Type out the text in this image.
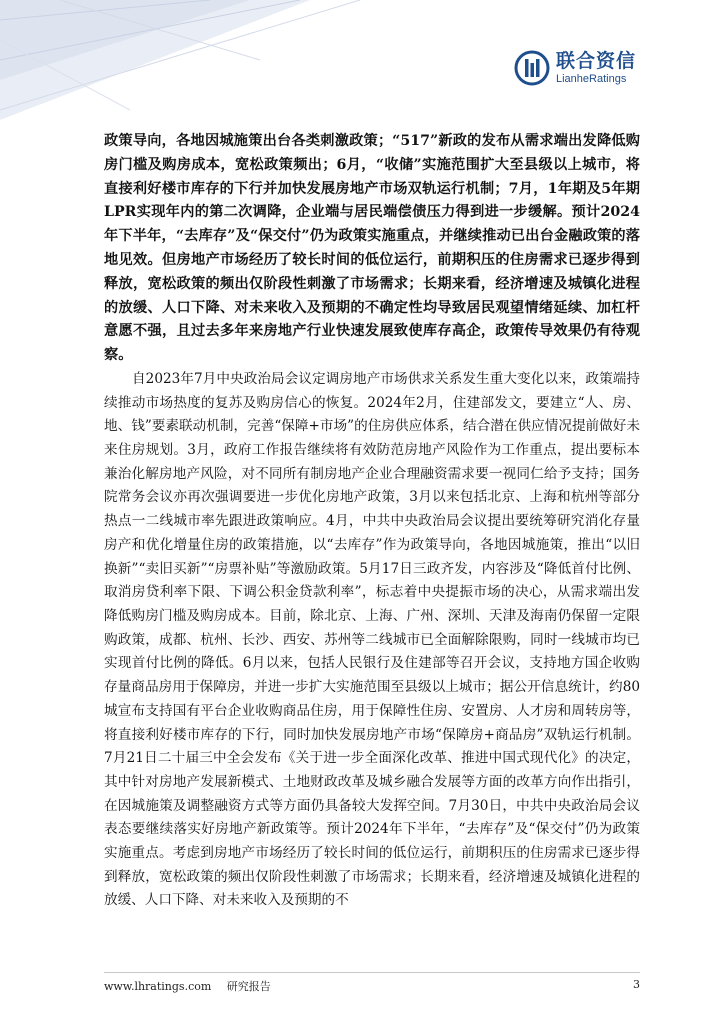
联合资信
LianheRatings

政策导向，各地因城施策出台各类刺激政策；“517”新政的发布从需求端出发降低购房门槛及购房成本，宽松政策频出；6月，“收储”实施范围扩大至县级以上城市，将直接利好楼市库存的下行并加快发展房地产市场双轨运行机制；7月，1年期及5年期LPR实现年内的第二次调降，企业端与居民端偿债压力得到进一步缓解。预计2024年下半年，“去库存”及“保交付”仍为政策实施重点，并继续推动已出台金融政策的落地见效。但房地产市场经历了较长时间的低位运行，前期积压的住房需求已逐步得到释放，宽松政策的频出仅阶段性刺激了市场需求；长期来看，经济增速及城镇化进程的放缓、人口下降、对未来收入及预期的不确定性均导致居民观望情绪延续、加杠杆意愿不强，且过去多年来房地产行业快速发展致使库存高企，政策传导效果仍有待观察。

自2023年7月中央政治局会议定调房地产市场供求关系发生重大变化以来，政策端持续推动市场热度的复苏及购房信心的恢复。2024年2月，住建部发文，要建立“人、房、地、钱”要素联动机制，完善“保障+市场”的住房供应体系，结合潜在供应情况提前做好未来住房规划。3月，政府工作报告继续将有效防范房地产风险作为工作重点，提出要标本兼治化解房地产风险，对不同所有制房地产企业合理融资需求要一视同仁给予支持；国务院常务会议亦再次强调要进一步优化房地产政策，3月以来包括北京、上海和杭州等部分热点一二线城市率先跟进政策响应。4月，中共中央政治局会议提出要统筹研究消化存量房产和优化增量住房的政策措施，以“去库存”作为政策导向，各地因城施策，推出“以旧换新”“卖旧买新”“房票补贴”等激励政策。5月17日三政齐发，内容涉及“降低首付比例、取消房贷利率下限、下调公积金贷款利率”，标志着中央提振市场的决心，从需求端出发降低购房门槛及购房成本。目前，除北京、上海、广州、深圳、天津及海南仍保留一定限购政策，成都、杭州、长沙、西安、苏州等二线城市已全面解除限购，同时一线城市均已实现首付比例的降低。6月以来，包括人民银行及住建部等召开会议，支持地方国企收购存量商品房用于保障房，并进一步扩大实施范围至县级以上城市；据公开信息统计，约80城宣布支持国有平台企业收购商品住房，用于保障性住房、安置房、人才房和周转房等，将直接利好楼市库存的下行，同时加快发展房地产市场“保障房+商品房”双轨运行机制。7月21日二十届三中全会发布《关于进一步全面深化改革、推进中国式现代化》的决定，其中针对房地产发展新模式、土地财政改革及城乡融合发展等方面的改革方向作出指引，在因城施策及调整融资方式等方面仍具备较大发挥空间。7月30日，中共中央政治局会议表态要继续落实好房地产新政策等。预计2024年下半年，“去库存”及“保交付”仍为政策实施重点。考虑到房地产市场经历了较长时间的低位运行，前期积压的住房需求已逐步得到释放，宽松政策的频出仅阶段性刺激了市场需求；长期来看，经济增速及城镇化进程的放缓、人口下降、对未来收入及预期的不

www.lhratings.com 研究报告	3
